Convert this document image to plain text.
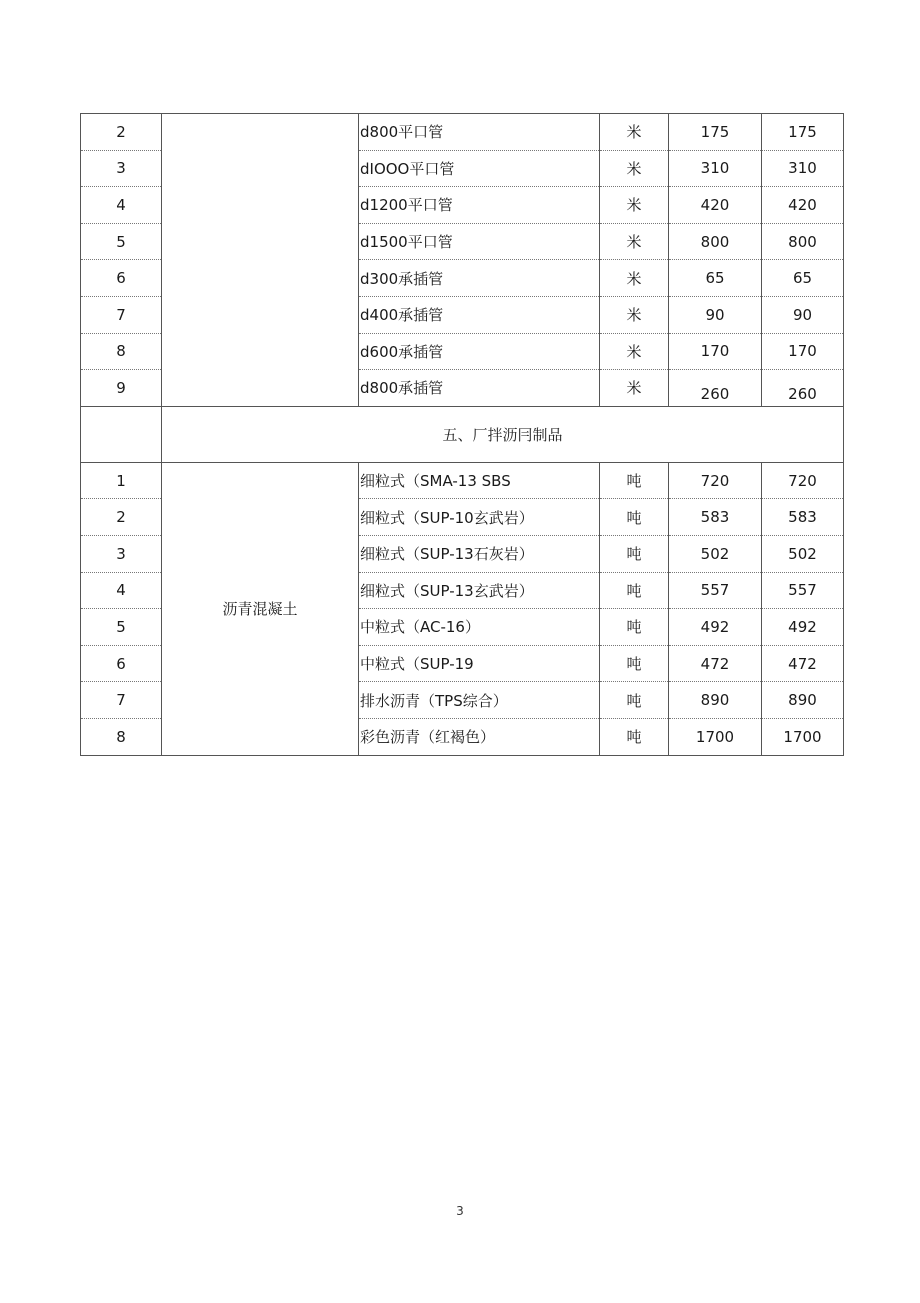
2		d800平口管	米	175	175
3		dIOOO平口管	米	310	310
4		d1200平口管	米	420	420
5		d1500平口管	米	800	800
6		d300承插管	米	65	65
7		d400承插管	米	90	90
8		d600承插管	米	170	170
9		d800承插管	米	260	260
	五、厂拌沥冃制品				
1	沥青混凝土	细粒式（SMA-13 SBS	吨	720	720
2		细粒式（SUP-10玄武岩）	吨	583	583
3		细粒式（SUP-13石灰岩）	吨	502	502
4		细粒式（SUP-13玄武岩）	吨	557	557
5		中粒式（AC-16）	吨	492	492
6		中粒式（SUP-19	吨	472	472
7		排水沥青（TPS综合）	吨	890	890
8		彩色沥青（红褐色）	吨	1700	1700
3
